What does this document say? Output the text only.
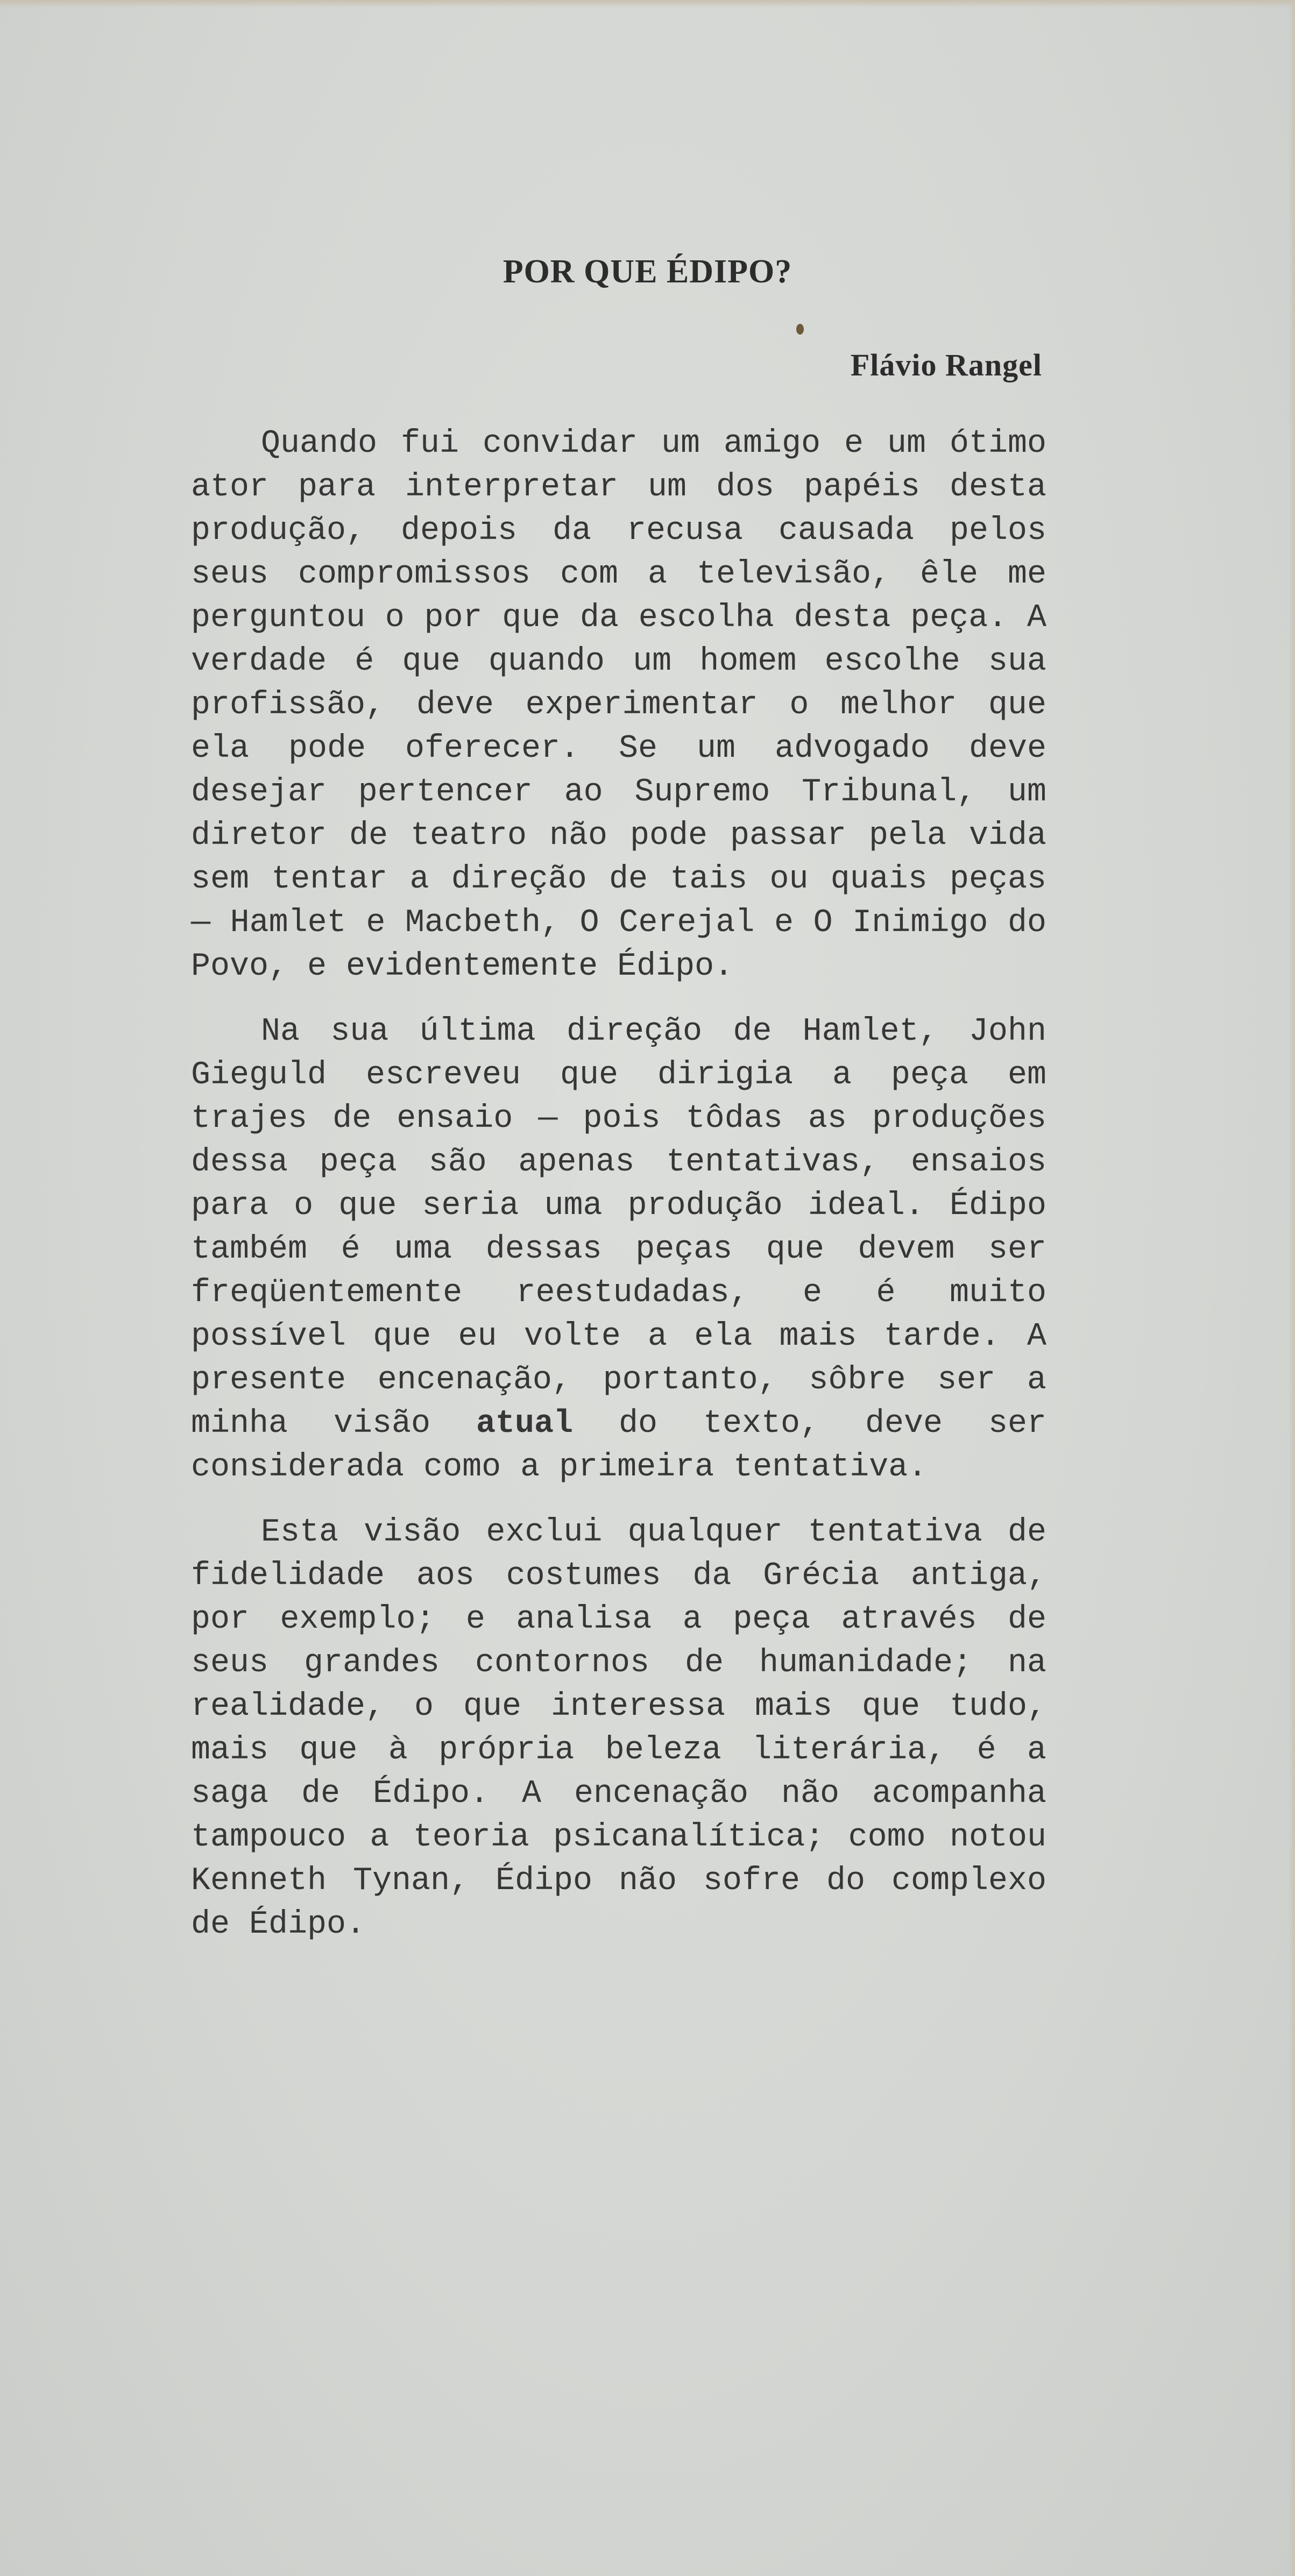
POR QUE ÉDIPO?

Flávio Rangel

Quando fui convidar um amigo e um ótimo ator para interpretar um dos papéis desta produção, depois da recusa causada pelos seus compromissos com a televisão, êle me perguntou o por que da escolha desta peça. A verdade é que quando um homem escolhe sua profissão, deve experimentar o melhor que ela pode oferecer. Se um advogado deve desejar pertencer ao Supremo Tribunal, um diretor de teatro não pode passar pela vida sem tentar a direção de tais ou quais peças — Hamlet e Macbeth, O Cerejal e O Inimigo do Povo, e evidentemente Édipo.

Na sua última direção de Hamlet, John Gieguld escreveu que dirigia a peça em trajes de ensaio — pois tôdas as produções dessa peça são apenas tentativas, ensaios para o que seria uma produção ideal. Édipo também é uma dessas peças que devem ser freqüentemente reestudadas, e é muito possível que eu volte a ela mais tarde. A presente encenação, portanto, sôbre ser a minha visão atual do texto, deve ser considerada como a primeira tentativa.

Esta visão exclui qualquer tentativa de fidelidade aos costumes da Grécia antiga, por exemplo; e analisa a peça através de seus grandes contornos de humanidade; na realidade, o que interessa mais que tudo, mais que à própria beleza literária, é a saga de Édipo. A encenação não acompanha tampouco a teoria psicanalítica; como notou Kenneth Tynan, Édipo não sofre do complexo de Édipo.
